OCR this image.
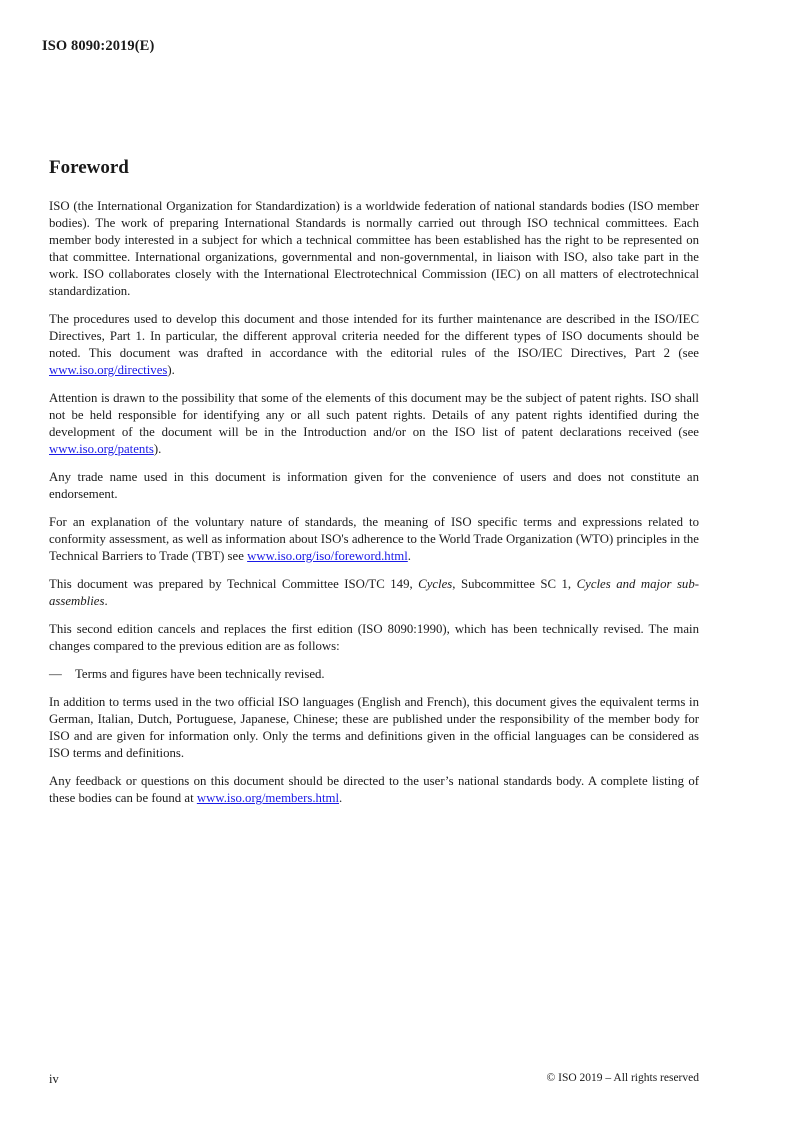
ISO 8090:2019(E)
Foreword

ISO (the International Organization for Standardization) is a worldwide federation of national standards bodies (ISO member bodies). The work of preparing International Standards is normally carried out through ISO technical committees. Each member body interested in a subject for which a technical committee has been established has the right to be represented on that committee. International organizations, governmental and non-governmental, in liaison with ISO, also take part in the work. ISO collaborates closely with the International Electrotechnical Commission (IEC) on all matters of electrotechnical standardization.

The procedures used to develop this document and those intended for its further maintenance are described in the ISO/IEC Directives, Part 1. In particular, the different approval criteria needed for the different types of ISO documents should be noted. This document was drafted in accordance with the editorial rules of the ISO/IEC Directives, Part 2 (see www.iso.org/directives).

Attention is drawn to the possibility that some of the elements of this document may be the subject of patent rights. ISO shall not be held responsible for identifying any or all such patent rights. Details of any patent rights identified during the development of the document will be in the Introduction and/or on the ISO list of patent declarations received (see www.iso.org/patents).

Any trade name used in this document is information given for the convenience of users and does not constitute an endorsement.

For an explanation of the voluntary nature of standards, the meaning of ISO specific terms and expressions related to conformity assessment, as well as information about ISO's adherence to the World Trade Organization (WTO) principles in the Technical Barriers to Trade (TBT) see www.iso.org/iso/foreword.html.

This document was prepared by Technical Committee ISO/TC 149, Cycles, Subcommittee SC 1, Cycles and major sub-assemblies.

This second edition cancels and replaces the first edition (ISO 8090:1990), which has been technically revised. The main changes compared to the previous edition are as follows:

—	Terms and figures have been technically revised.

In addition to terms used in the two official ISO languages (English and French), this document gives the equivalent terms in German, Italian, Dutch, Portuguese, Japanese, Chinese; these are published under the responsibility of the member body for ISO and are given for information only. Only the terms and definitions given in the official languages can be considered as ISO terms and definitions.

Any feedback or questions on this document should be directed to the user’s national standards body. A complete listing of these bodies can be found at www.iso.org/members.html.

iv	© ISO 2019 – All rights reserved
